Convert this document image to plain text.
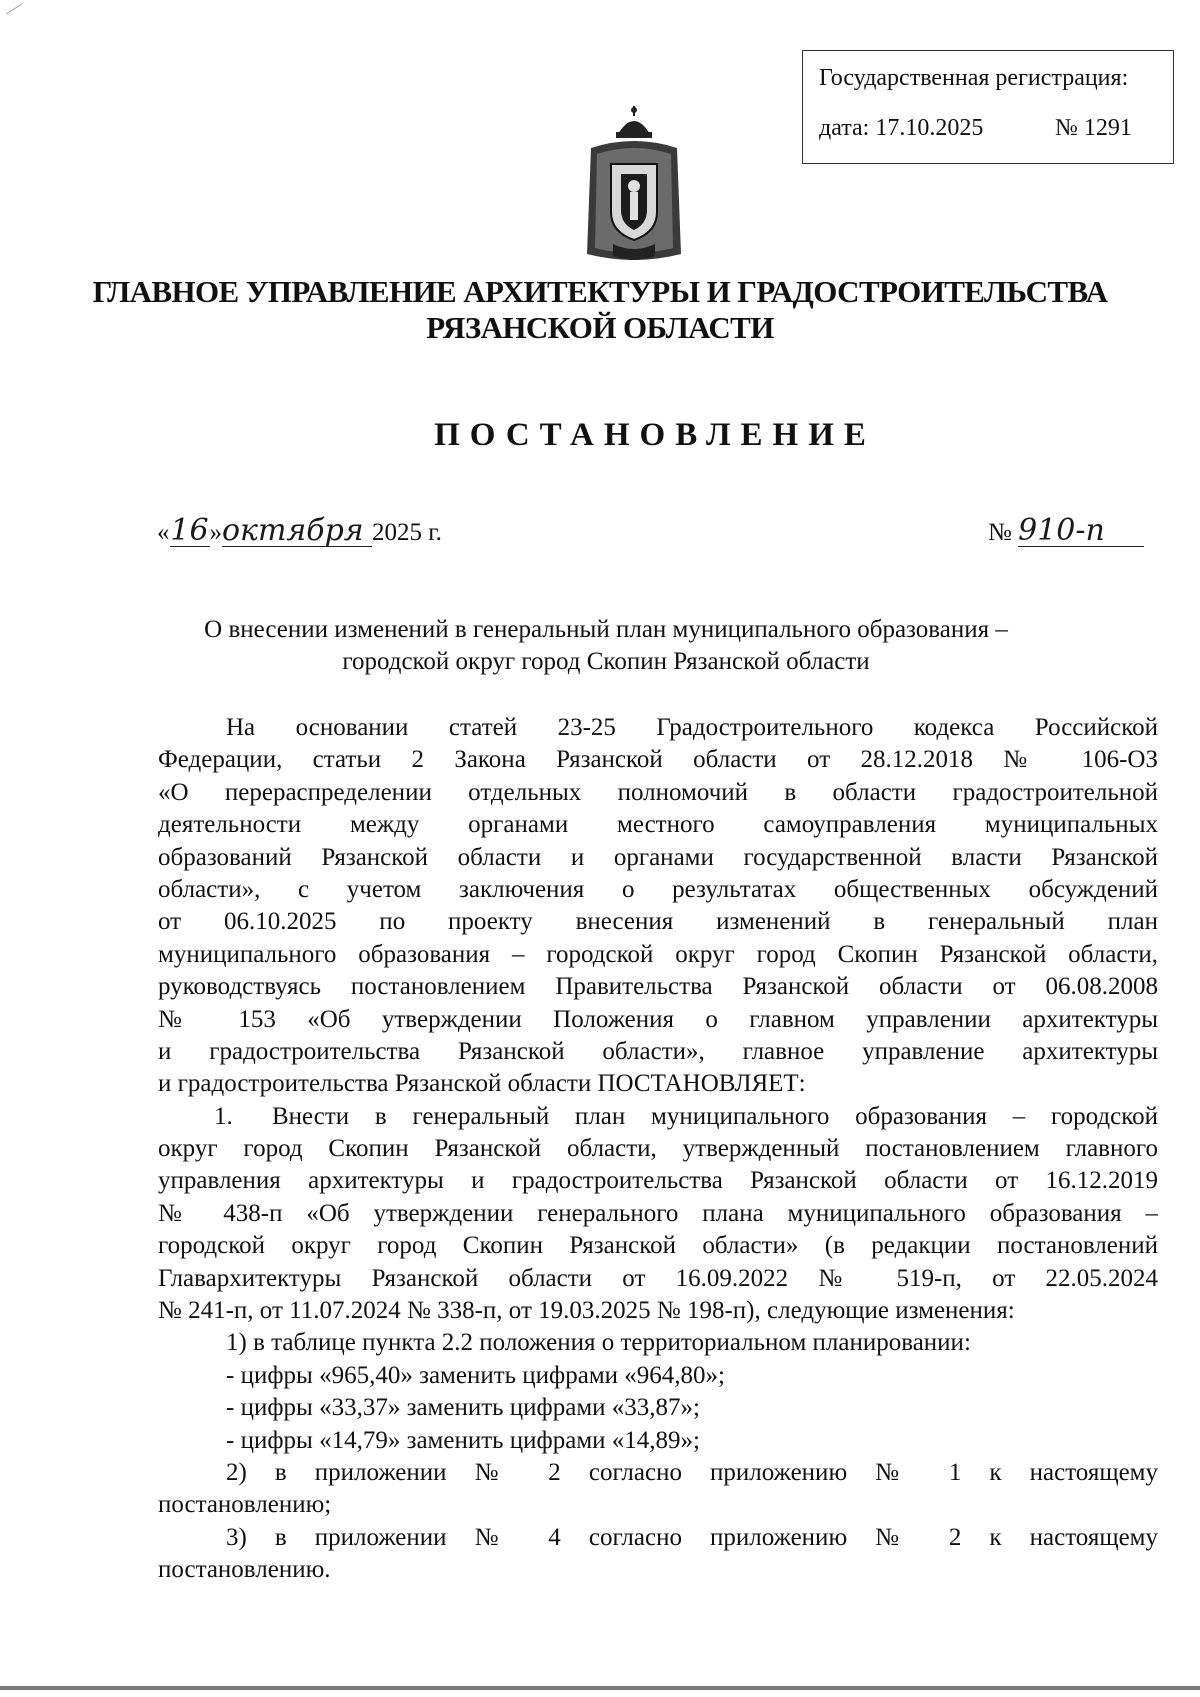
Государственная регистрация:
дата: 17.10.2025	№ 1291
ГЛАВНОЕ УПРАВЛЕНИЕ АРХИТЕКТУРЫ И ГРАДОСТРОИТЕЛЬСТВА
РЯЗАНСКОЙ ОБЛАСТИ
ПОСТАНОВЛЕНИЕ
«16»октября 2025 г.	№ 910-п
О внесении изменений в генеральный план муниципального образования –
городской округ город Скопин Рязанской области
На основании статей 23-25 Градостроительного кодекса Российской
Федерации, статьи 2 Закона Рязанской области от 28.12.2018 № 106-ОЗ
«О перераспределении отдельных полномочий в области градостроительной
деятельности между органами местного самоуправления муниципальных
образований Рязанской области и органами государственной власти Рязанской
области», с учетом заключения о результатах общественных обсуждений
от 06.10.2025 по проекту внесения изменений в генеральный план
муниципального образования – городской округ город Скопин Рязанской области,
руководствуясь постановлением Правительства Рязанской области от 06.08.2008
№ 153 «Об утверждении Положения о главном управлении архитектуры
и градостроительства Рязанской области», главное управление архитектуры
и градостроительства Рязанской области ПОСТАНОВЛЯЕТ:
1. Внести в генеральный план муниципального образования – городской
округ город Скопин Рязанской области, утвержденный постановлением главного
управления архитектуры и градостроительства Рязанской области от 16.12.2019
№ 438-п «Об утверждении генерального плана муниципального образования –
городской округ город Скопин Рязанской области» (в редакции постановлений
Главархитектуры Рязанской области от 16.09.2022 № 519-п, от 22.05.2024
№ 241-п, от 11.07.2024 № 338-п, от 19.03.2025 № 198-п), следующие изменения:
1) в таблице пункта 2.2 положения о территориальном планировании:
- цифры «965,40» заменить цифрами «964,80»;
- цифры «33,37» заменить цифрами «33,87»;
- цифры «14,79» заменить цифрами «14,89»;
2) в приложении № 2 согласно приложению № 1 к настоящему
постановлению;
3) в приложении № 4 согласно приложению № 2 к настоящему
постановлению.
